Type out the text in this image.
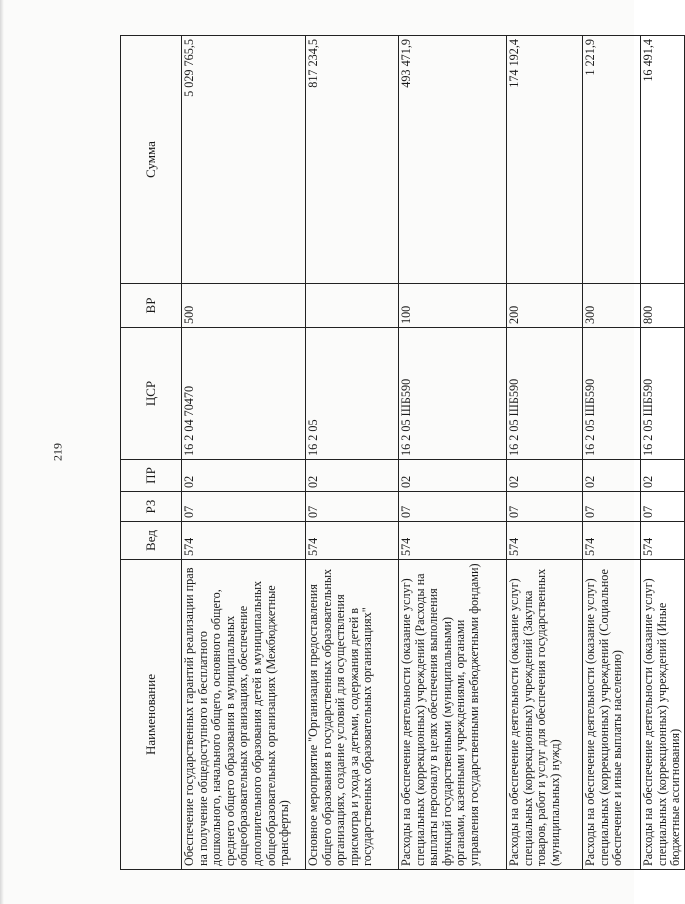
219
Наименование	Вед	РЗ	ПР	ЦСР	ВР	Сумма
Обеспечение государственных гарантий реализации прав на получение общедоступного и бесплатного дошкольного, начального общего, основного общего, среднего общего образования в муниципальных общеобразовательных организациях, обеспечение дополнительного образования детей в муниципальных общеобразовательных организациях (Межбюджетные трансферты)	574	07	02	16 2 04 70470	500	5 029 765,5
Основное мероприятие "Организация предоставления общего образования в государственных образовательных организациях, создание условий для осуществления присмотра и ухода за детьми, содержания детей в государственных образовательных организациях"	574	07	02	16 2 05		817 234,5
Расходы на обеспечение деятельности (оказание услуг) специальных (коррекционных) учреждений (Расходы на выплаты персоналу в целях обеспечения выполнения функций государственными (муниципальными) органами, казенными учреждениями, органами управления государственными внебюджетными фондами)	574	07	02	16 2 05 ШБ590	100	493 471,9
Расходы на обеспечение деятельности (оказание услуг) специальных (коррекционных) учреждений (Закупка товаров, работ и услуг для обеспечения государственных (муниципальных) нужд)	574	07	02	16 2 05 ШБ590	200	174 192,4
Расходы на обеспечение деятельности (оказание услуг) специальных (коррекционных) учреждений (Социальное обеспечение и иные выплаты населению)	574	07	02	16 2 05 ШБ590	300	1 221,9
Расходы на обеспечение деятельности (оказание услуг) специальных (коррекционных) учреждений (Иные бюджетные ассигнования)	574	07	02	16 2 05 ШБ590	800	16 491,4
